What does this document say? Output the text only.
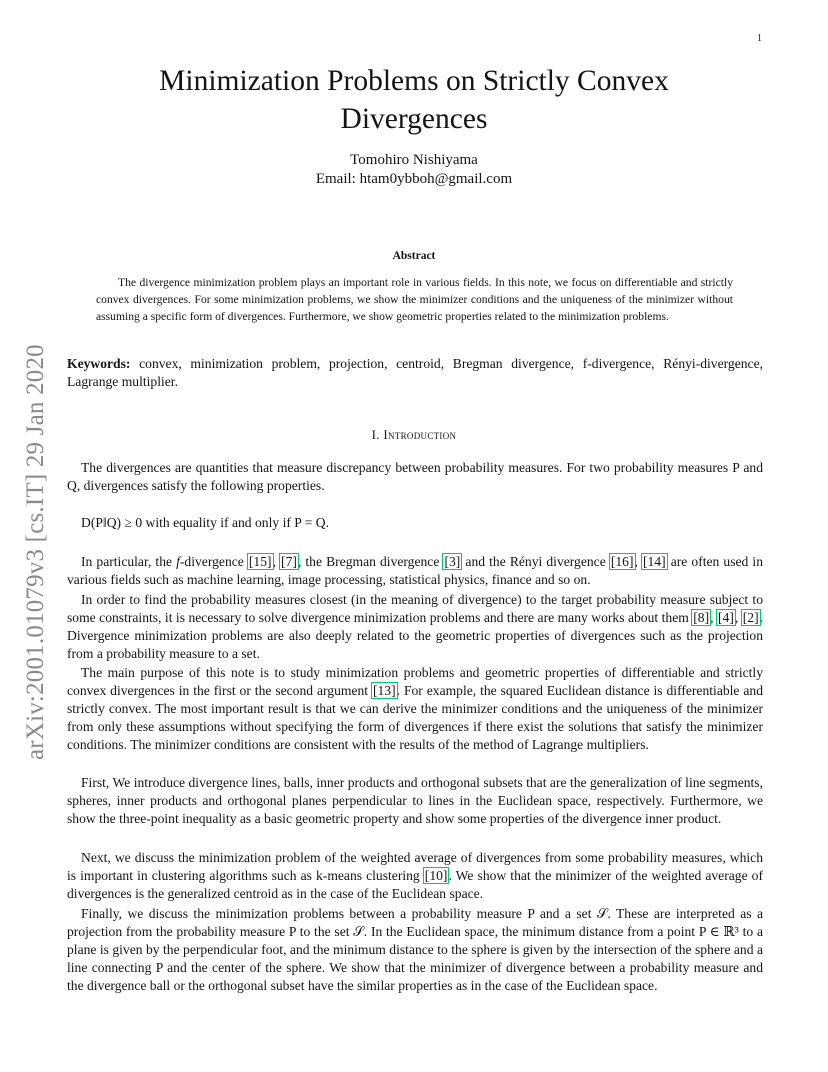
1
arXiv:2001.01079v3 [cs.IT] 29 Jan 2020
Minimization Problems on Strictly Convex
Divergences
Tomohiro Nishiyama
Email: htam0ybboh@gmail.com
Abstract

The divergence minimization problem plays an important role in various fields. In this note, we focus on differentiable and strictly convex divergences. For some minimization problems, we show the minimizer conditions and the uniqueness of the minimizer without assuming a specific form of divergences. Furthermore, we show geometric properties related to the minimization problems.

Keywords: convex, minimization problem, projection, centroid, Bregman divergence, f-divergence, Rényi-divergence, Lagrange multiplier.

I. Introduction

The divergences are quantities that measure discrepancy between probability measures. For two probability measures P and Q, divergences satisfy the following properties.

D(P‖Q) ≥ 0 with equality if and only if P = Q.

In particular, the f-divergence [15], [7], the Bregman divergence [3] and the Rényi divergence [16], [14] are often used in various fields such as machine learning, image processing, statistical physics, finance and so on.

In order to find the probability measures closest (in the meaning of divergence) to the target probability measure subject to some constraints, it is necessary to solve divergence minimization problems and there are many works about them [8], [4], [2]. Divergence minimization problems are also deeply related to the geometric properties of divergences such as the projection from a probability measure to a set.

The main purpose of this note is to study minimization problems and geometric properties of differentiable and strictly convex divergences in the first or the second argument [13]. For example, the squared Euclidean distance is differentiable and strictly convex. The most important result is that we can derive the minimizer conditions and the uniqueness of the minimizer from only these assumptions without specifying the form of divergences if there exist the solutions that satisfy the minimizer conditions. The minimizer conditions are consistent with the results of the method of Lagrange multipliers.

First, We introduce divergence lines, balls, inner products and orthogonal subsets that are the generalization of line segments, spheres, inner products and orthogonal planes perpendicular to lines in the Euclidean space, respectively. Furthermore, we show the three-point inequality as a basic geometric property and show some properties of the divergence inner product.

Next, we discuss the minimization problem of the weighted average of divergences from some probability measures, which is important in clustering algorithms such as k-means clustering [10]. We show that the minimizer of the weighted average of divergences is the generalized centroid as in the case of the Euclidean space.

Finally, we discuss the minimization problems between a probability measure P and a set 𝒮. These are interpreted as a projection from the probability measure P to the set 𝒮. In the Euclidean space, the minimum distance from a point P ∈ ℝ³ to a plane is given by the perpendicular foot, and the minimum distance to the sphere is given by the intersection of the sphere and a line connecting P and the center of the sphere. We show that the minimizer of divergence between a probability measure and the divergence ball or the orthogonal subset have the similar properties as in the case of the Euclidean space.
